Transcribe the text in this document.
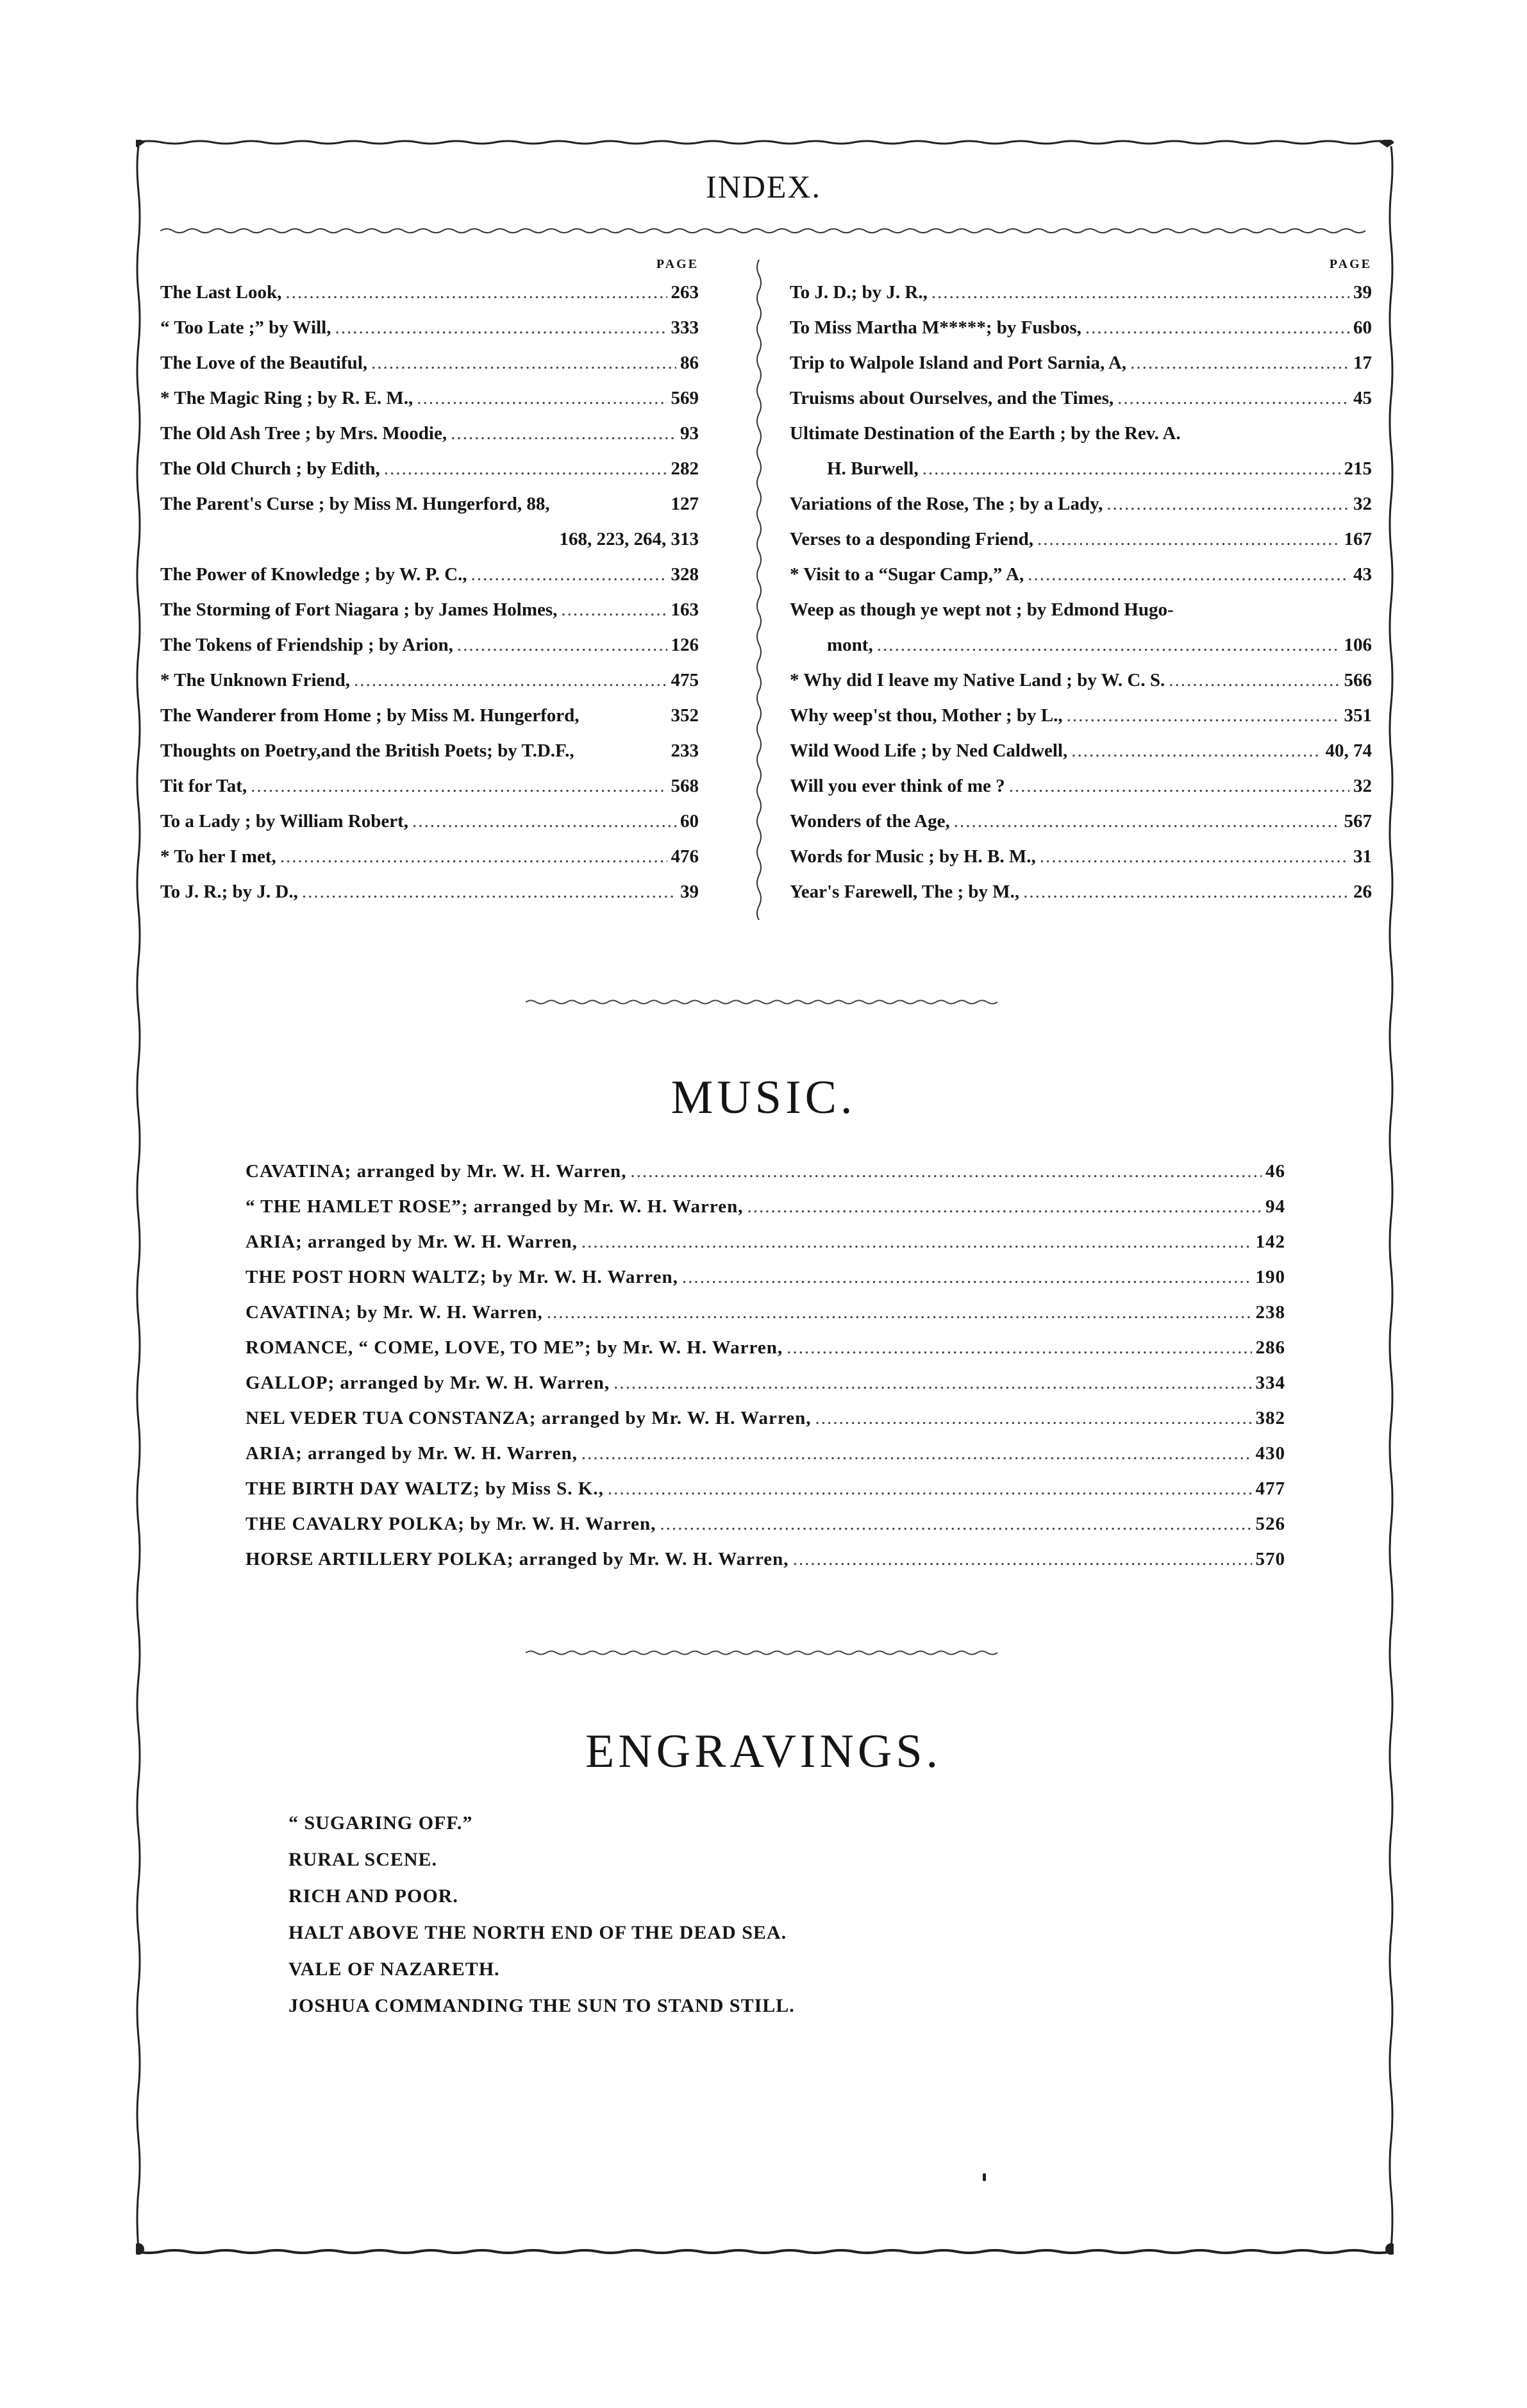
INDEX.
PAGE
The Last Look, .....	263
“ Too Late ;” by Will, .....	333
The Love of the Beautiful, .....	86
* The Magic Ring ; by R. E. M., .....	569
The Old Ash Tree ; by Mrs. Moodie, .....	93
The Old Church ; by Edith, .....	282
The Parent's Curse ; by Miss M. Hungerford, 88,	127
168, 223, 264, 313
The Power of Knowledge ; by W. P. C., .....	328
The Storming of Fort Niagara ; by James Holmes, .....	163
The Tokens of Friendship ; by Arion, .....	126
* The Unknown Friend, .....	475
The Wanderer from Home ; by Miss M. Hungerford,	352
Thoughts on Poetry,and the British Poets; by T.D.F.,	233
Tit for Tat, .....	568
To a Lady ; by William Robert, .....	60
* To her I met, .....	476
To J. R.; by J. D., .....	39
PAGE
To J. D.; by J. R., .....	39
To Miss Martha M*****; by Fusbos, .....	60
Trip to Walpole Island and Port Sarnia, A, .....	17
Truisms about Ourselves, and the Times, .....	45
Ultimate Destination of the Earth ; by the Rev. A.
H. Burwell, .....	215
Variations of the Rose, The ; by a Lady, .....	32
Verses to a desponding Friend, .....	167
* Visit to a “Sugar Camp,” A, .....	43
Weep as though ye wept not ; by Edmond Hugo-
mont, .....	106
* Why did I leave my Native Land ; by W. C. S. .....	566
Why weep'st thou, Mother ; by L., .....	351
Wild Wood Life ; by Ned Caldwell, .....	40, 74
Will you ever think of me ? .....	32
Wonders of the Age, .....	567
Words for Music ; by H. B. M., .....	31
Year's Farewell, The ; by M., .....	26
MUSIC.
CAVATINA; arranged by Mr. W. H. Warren, .....	46
“ THE HAMLET ROSE”; arranged by Mr. W. H. Warren, .....	94
ARIA; arranged by Mr. W. H. Warren, .....	142
THE POST HORN WALTZ; by Mr. W. H. Warren, .....	190
CAVATINA; by Mr. W. H. Warren, .....	238
ROMANCE, “ COME, LOVE, TO ME”; by Mr. W. H. Warren, .....	286
GALLOP; arranged by Mr. W. H. Warren, .....	334
NEL VEDER TUA CONSTANZA; arranged by Mr. W. H. Warren, .....	382
ARIA; arranged by Mr. W. H. Warren, .....	430
THE BIRTH DAY WALTZ; by Miss S. K., .....	477
THE CAVALRY POLKA; by Mr. W. H. Warren, .....	526
HORSE ARTILLERY POLKA; arranged by Mr. W. H. Warren, .....	570
ENGRAVINGS.
“ SUGARING OFF.”
RURAL SCENE.
RICH AND POOR.
HALT ABOVE THE NORTH END OF THE DEAD SEA.
VALE OF NAZARETH.
JOSHUA COMMANDING THE SUN TO STAND STILL.
